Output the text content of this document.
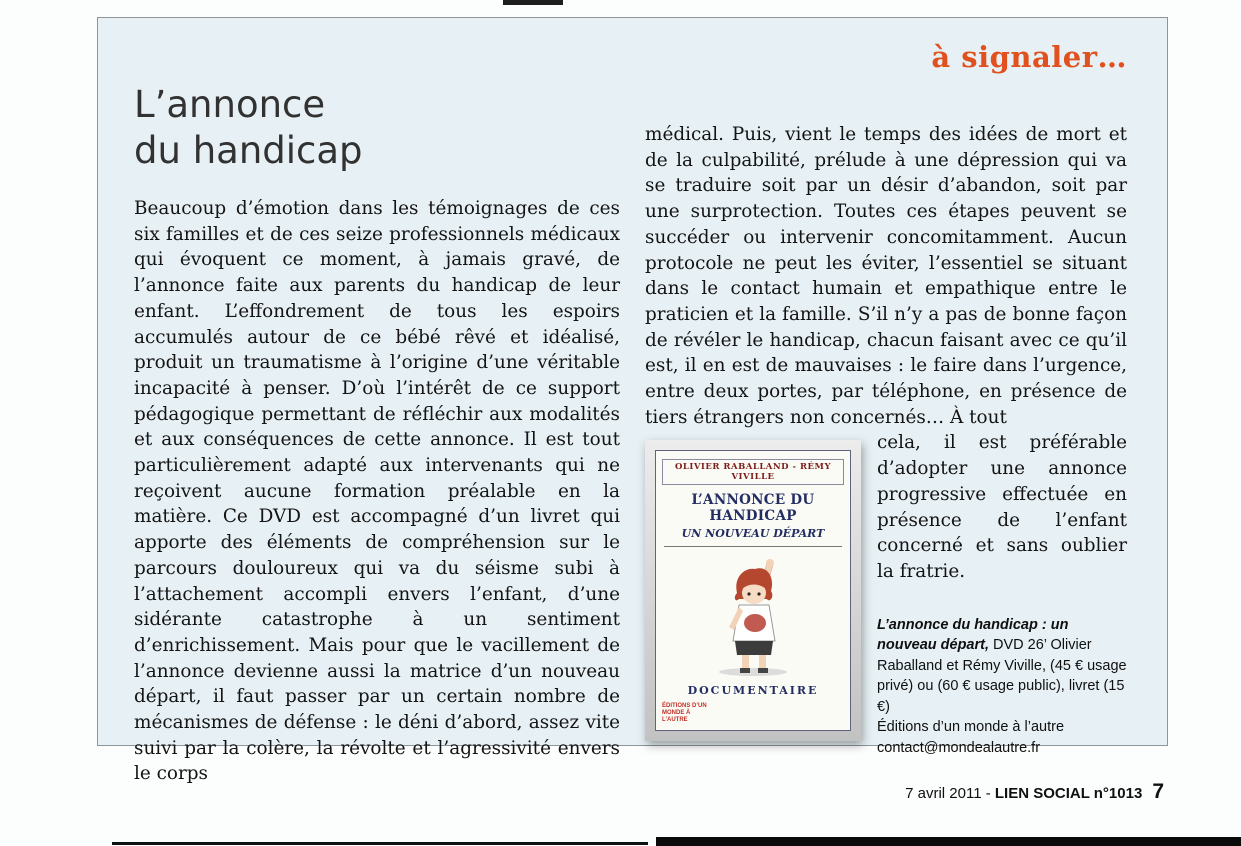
à signaler…
L’annonce
du handicap

Beaucoup d’émotion dans les témoignages de ces six familles et de ces seize professionnels médicaux qui évoquent ce moment, à jamais gravé, de l’annonce faite aux parents du handicap de leur enfant. L’effondrement de tous les espoirs accumulés autour de ce bébé rêvé et idéalisé, produit un traumatisme à l’origine d’une véritable incapacité à penser. D’où l’intérêt de ce support pédagogique permettant de réfléchir aux modalités et aux conséquences de cette annonce. Il est tout particulièrement adapté aux intervenants qui ne reçoivent aucune formation préalable en la matière. Ce DVD est accompagné d’un livret qui apporte des éléments de compréhension sur le parcours douloureux qui va du séisme subi à l’attachement accompli envers l’enfant, d’une sidérante catastrophe à un sentiment d’enrichissement. Mais pour que le vacillement de l’annonce devienne aussi la matrice d’un nouveau départ, il faut passer par un certain nombre de mécanismes de défense : le déni d’abord, assez vite suivi par la colère, la révolte et l’agressivité envers le corps

médical. Puis, vient le temps des idées de mort et de la culpabilité, prélude à une dépression qui va se traduire soit par un désir d’abandon, soit par une surprotection. Toutes ces étapes peuvent se succéder ou intervenir concomitamment. Aucun protocole ne peut les éviter, l’essentiel se situant dans le contact humain et empathique entre le praticien et la famille. S’il n’y a pas de bonne façon de révéler le handicap, chacun faisant avec ce qu’il est, il en est de mauvaises : le faire dans l’urgence, entre deux portes, par téléphone, en présence de tiers étrangers non concernés… À tout

OLIVIER RABALLAND - RÉMY VIVILLE
L’ANNONCE DU HANDICAP
UN NOUVEAU DÉPART
DOCUMENTAIRE
ÉDITIONS D’UN MONDE À L’AUTRE

cela, il est préférable d’adopter une annonce progressive effectuée en présence de l’enfant concerné et sans oublier la fratrie.

L’annonce du handicap : un nouveau départ, DVD 26’ Olivier Raballand et Rémy Viville, (45 € usage privé) ou (60 € usage public), livret (15 €)
Éditions d’un monde à l’autre
contact@mondealautre.fr
7 avril 2011 - LIEN SOCIAL n°1013 7
